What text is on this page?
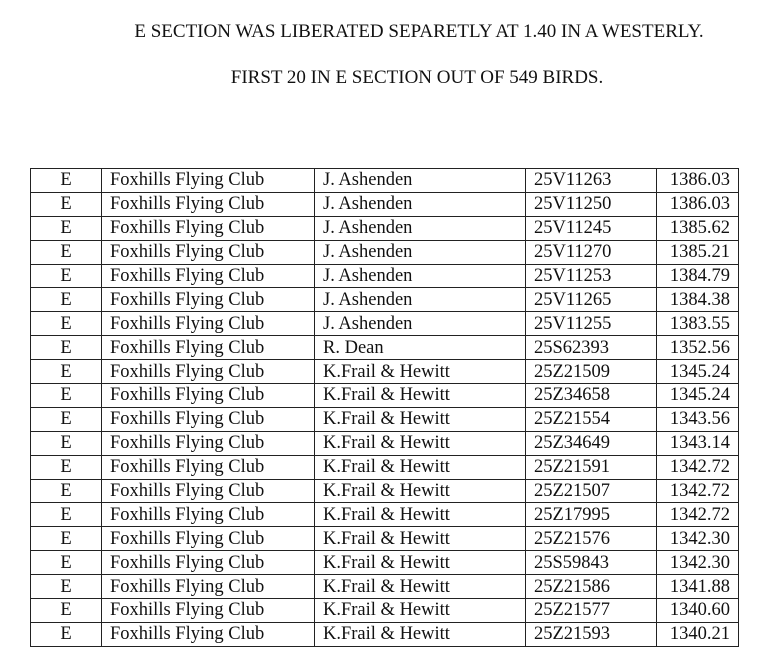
E SECTION WAS LIBERATED SEPARETLY AT 1.40 IN A WESTERLY.
FIRST 20 IN E SECTION OUT OF 549 BIRDS.
E	Foxhills Flying Club	J. Ashenden	25V11263	1386.03
E	Foxhills Flying Club	J. Ashenden	25V11250	1386.03
E	Foxhills Flying Club	J. Ashenden	25V11245	1385.62
E	Foxhills Flying Club	J. Ashenden	25V11270	1385.21
E	Foxhills Flying Club	J. Ashenden	25V11253	1384.79
E	Foxhills Flying Club	J. Ashenden	25V11265	1384.38
E	Foxhills Flying Club	J. Ashenden	25V11255	1383.55
E	Foxhills Flying Club	R. Dean	25S62393	1352.56
E	Foxhills Flying Club	K.Frail & Hewitt	25Z21509	1345.24
E	Foxhills Flying Club	K.Frail & Hewitt	25Z34658	1345.24
E	Foxhills Flying Club	K.Frail & Hewitt	25Z21554	1343.56
E	Foxhills Flying Club	K.Frail & Hewitt	25Z34649	1343.14
E	Foxhills Flying Club	K.Frail & Hewitt	25Z21591	1342.72
E	Foxhills Flying Club	K.Frail & Hewitt	25Z21507	1342.72
E	Foxhills Flying Club	K.Frail & Hewitt	25Z17995	1342.72
E	Foxhills Flying Club	K.Frail & Hewitt	25Z21576	1342.30
E	Foxhills Flying Club	K.Frail & Hewitt	25S59843	1342.30
E	Foxhills Flying Club	K.Frail & Hewitt	25Z21586	1341.88
E	Foxhills Flying Club	K.Frail & Hewitt	25Z21577	1340.60
E	Foxhills Flying Club	K.Frail & Hewitt	25Z21593	1340.21
